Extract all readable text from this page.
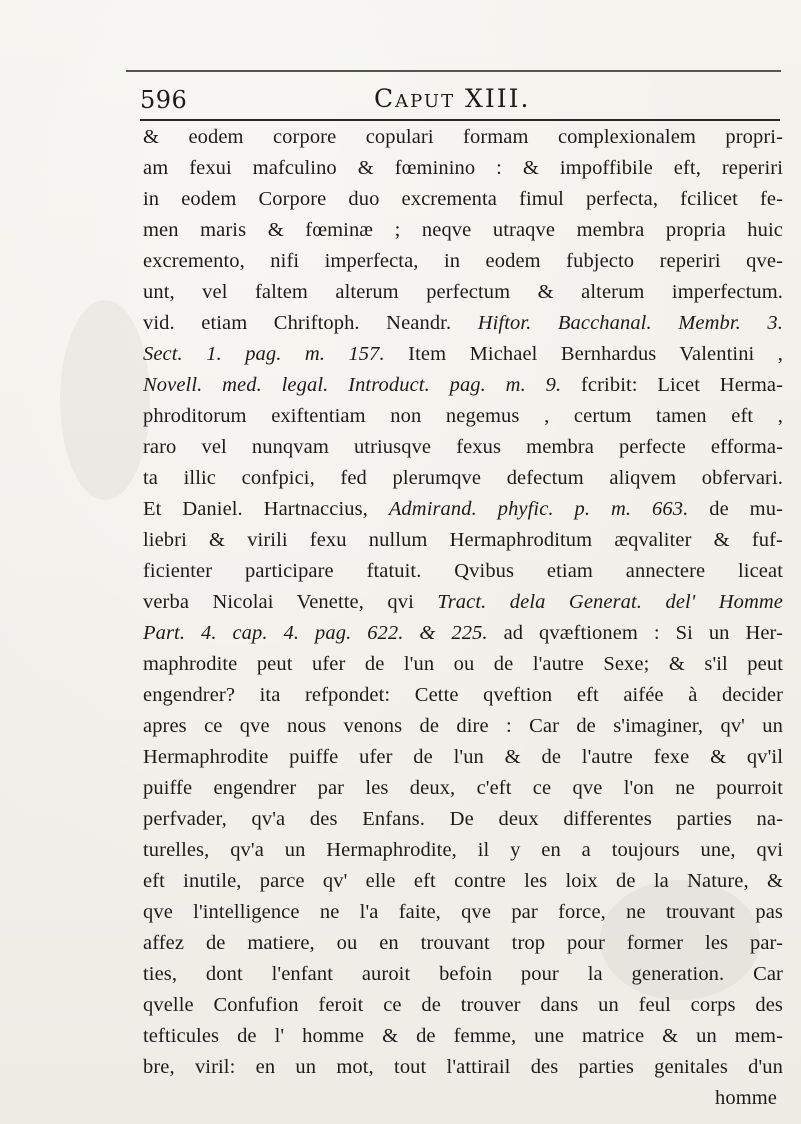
596	Caput XIII.
& eodem corpore copulari formam complexionalem propri-
am fexui mafculino & fœminino : & impoffibile eft, reperiri
in eodem Corpore duo excrementa fimul perfecta, fcilicet fe-
men maris & fœminæ ; neqve utraqve membra propria huic
excremento, nifi imperfecta, in eodem fubjecto reperiri qve-
unt, vel faltem alterum perfectum & alterum imperfectum.
vid. etiam Chriftoph. Neandr. Hiftor. Bacchanal. Membr. 3.
Sect. 1. pag. m. 157. Item Michael Bernhardus Valentini ,
Novell. med. legal. Introduct. pag. m. 9. fcribit: Licet Herma-
phroditorum exiftentiam non negemus , certum tamen eft ,
raro vel nunqvam utriusqve fexus membra perfecte efforma-
ta illic confpici, fed plerumqve defectum aliqvem obfervari.
Et Daniel. Hartnaccius, Admirand. phyfic. p. m. 663. de mu-
liebri & virili fexu nullum Hermaphroditum æqvaliter & fuf-
ficienter participare ftatuit. Qvibus etiam annectere liceat
verba Nicolai Venette, qvi Tract. dela Generat. del' Homme
Part. 4. cap. 4. pag. 622. & 225. ad qvæftionem : Si un Her-
maphrodite peut ufer de l'un ou de l'autre Sexe; & s'il peut
engendrer? ita refpondet: Cette qveftion eft aifée à decider
apres ce qve nous venons de dire : Car de s'imaginer, qv' un
Hermaphrodite puiffe ufer de l'un & de l'autre fexe & qv'il
puiffe engendrer par les deux, c'eft ce qve l'on ne pourroit
perfvader, qv'a des Enfans. De deux differentes parties na-
turelles, qv'a un Hermaphrodite, il y en a toujours une, qvi
eft inutile, parce qv' elle eft contre les loix de la Nature, &
qve l'intelligence ne l'a faite, qve par force, ne trouvant pas
affez de matiere, ou en trouvant trop pour former les par-
ties, dont l'enfant auroit befoin pour la generation. Car
qvelle Confufion feroit ce de trouver dans un feul corps des
tefticules de l' homme & de femme, une matrice & un mem-
bre, viril: en un mot, tout l'attirail des parties genitales d'un
homme
